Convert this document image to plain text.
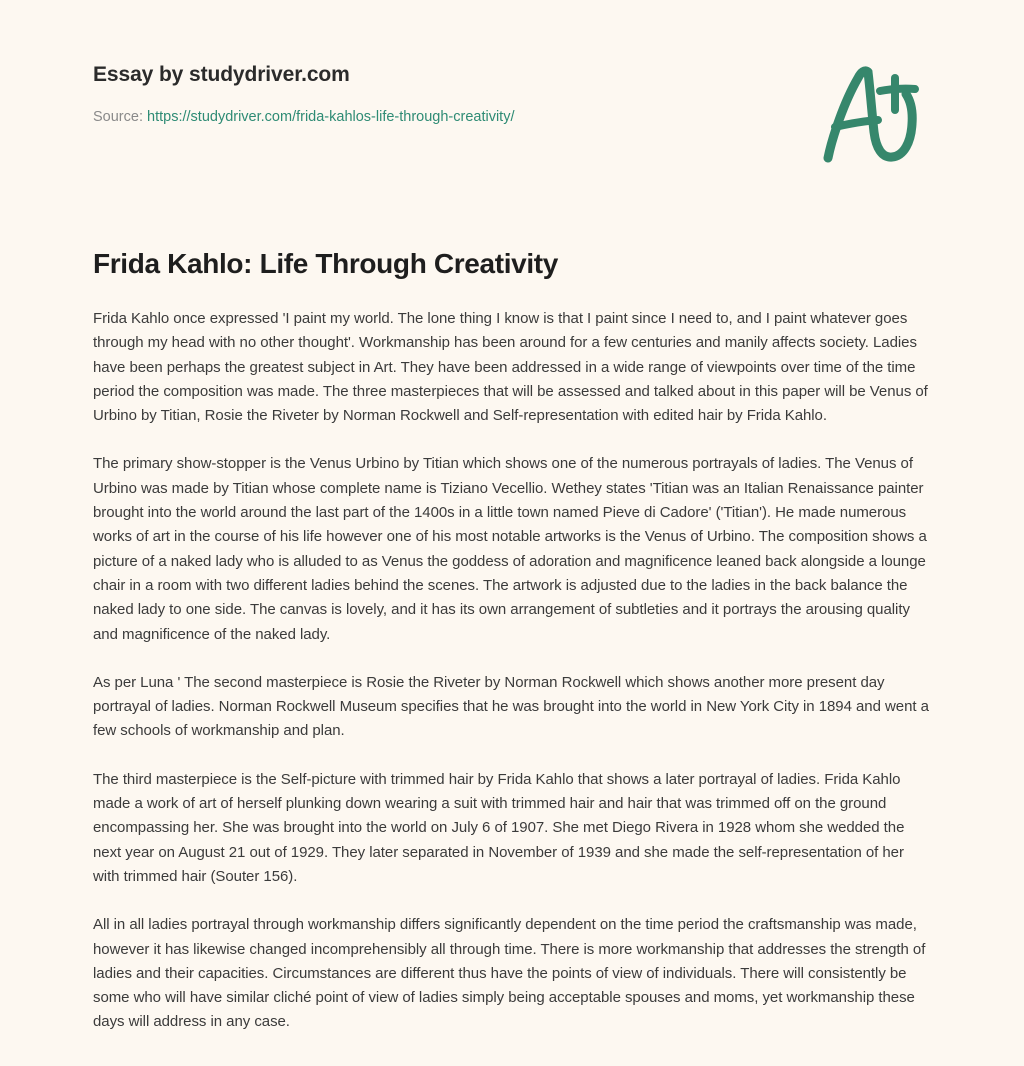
Essay by studydriver.com
Source: https://studydriver.com/frida-kahlos-life-through-creativity/
Frida Kahlo: Life Through Creativity

Frida Kahlo once expressed 'I paint my world. The lone thing I know is that I paint since I need to, and I paint whatever goes through my head with no other thought'. Workmanship has been around for a few centuries and manily affects society. Ladies have been perhaps the greatest subject in Art. They have been addressed in a wide range of viewpoints over time of the time period the composition was made. The three masterpieces that will be assessed and talked about in this paper will be Venus of Urbino by Titian, Rosie the Riveter by Norman Rockwell and Self-representation with edited hair by Frida Kahlo.

The primary show-stopper is the Venus Urbino by Titian which shows one of the numerous portrayals of ladies. The Venus of Urbino was made by Titian whose complete name is Tiziano Vecellio. Wethey states 'Titian was an Italian Renaissance painter brought into the world around the last part of the 1400s in a little town named Pieve di Cadore' ('Titian'). He made numerous works of art in the course of his life however one of his most notable artworks is the Venus of Urbino. The composition shows a picture of a naked lady who is alluded to as Venus the goddess of adoration and magnificence leaned back alongside a lounge chair in a room with two different ladies behind the scenes. The artwork is adjusted due to the ladies in the back balance the naked lady to one side. The canvas is lovely, and it has its own arrangement of subtleties and it portrays the arousing quality and magnificence of the naked lady.

As per Luna ' The second masterpiece is Rosie the Riveter by Norman Rockwell which shows another more present day portrayal of ladies. Norman Rockwell Museum specifies that he was brought into the world in New York City in 1894 and went a few schools of workmanship and plan.

The third masterpiece is the Self-picture with trimmed hair by Frida Kahlo that shows a later portrayal of ladies. Frida Kahlo made a work of art of herself plunking down wearing a suit with trimmed hair and hair that was trimmed off on the ground encompassing her. She was brought into the world on July 6 of 1907. She met Diego Rivera in 1928 whom she wedded the next year on August 21 out of 1929. They later separated in November of 1939 and she made the self-representation of her with trimmed hair (Souter 156).

All in all ladies portrayal through workmanship differs significantly dependent on the time period the craftsmanship was made, however it has likewise changed incomprehensibly all through time. There is more workmanship that addresses the strength of ladies and their capacities. Circumstances are different thus have the points of view of individuals. There will consistently be some who will have similar cliché point of view of ladies simply being acceptable spouses and moms, yet workmanship these days will address in any case.
